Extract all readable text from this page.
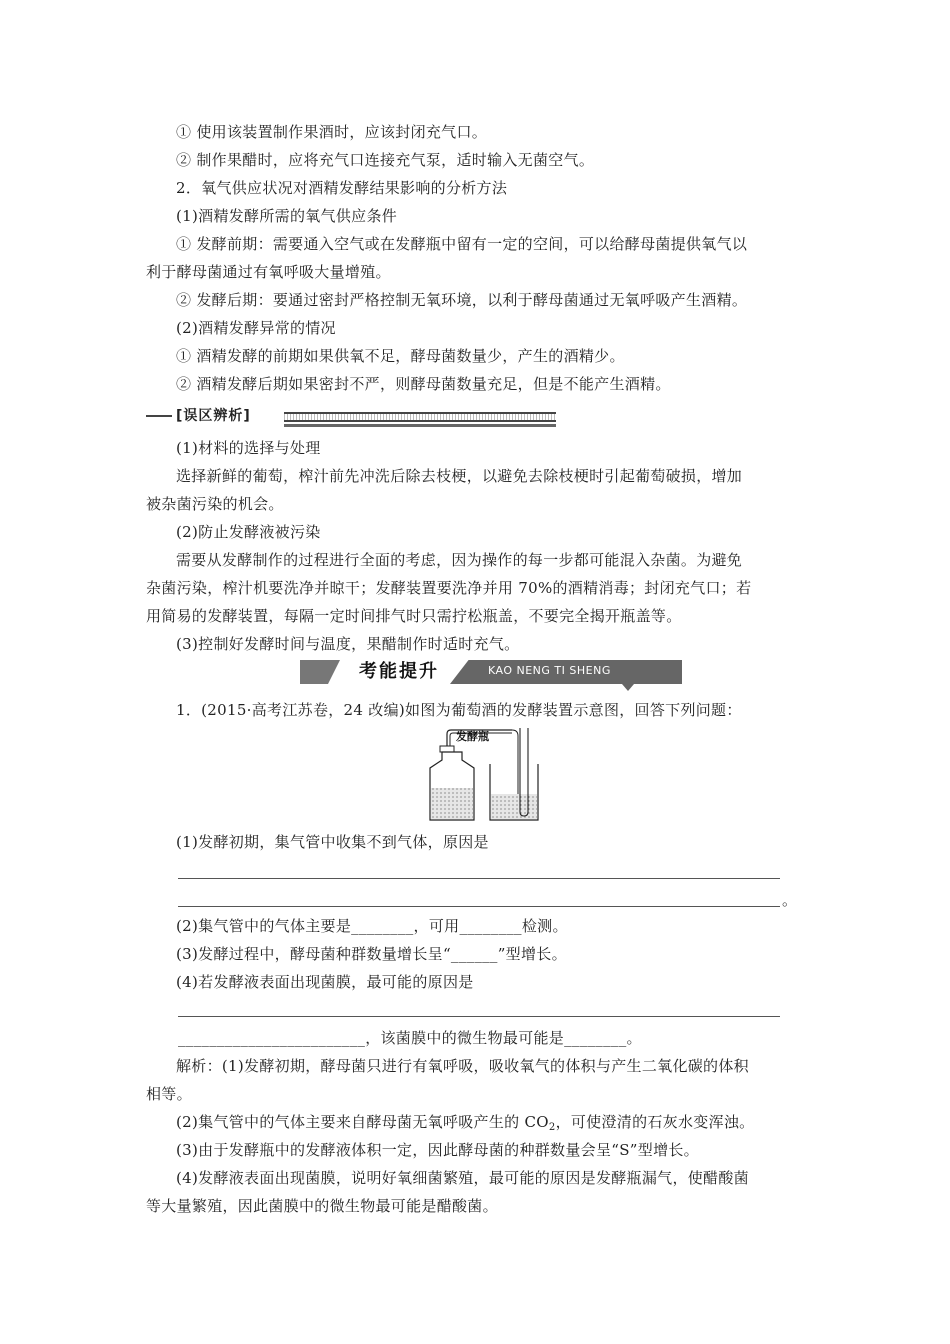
① 使用该装置制作果酒时，应该封闭充气口。
② 制作果醋时，应将充气口连接充气泵，适时输入无菌空气。
2．氧气供应状况对酒精发酵结果影响的分析方法
(1)酒精发酵所需的氧气供应条件
① 发酵前期：需要通入空气或在发酵瓶中留有一定的空间，可以给酵母菌提供氧气以
利于酵母菌通过有氧呼吸大量增殖。
② 发酵后期：要通过密封严格控制无氧环境，以利于酵母菌通过无氧呼吸产生酒精。
(2)酒精发酵异常的情况
① 酒精发酵的前期如果供氧不足，酵母菌数量少，产生的酒精少。
② 酒精发酵后期如果密封不严，则酵母菌数量充足，但是不能产生酒精。
[误区辨析]
(1)材料的选择与处理
选择新鲜的葡萄，榨汁前先冲洗后除去枝梗，以避免去除枝梗时引起葡萄破损，增加
被杂菌污染的机会。
(2)防止发酵液被污染
需要从发酵制作的过程进行全面的考虑，因为操作的每一步都可能混入杂菌。为避免
杂菌污染，榨汁机要洗净并晾干；发酵装置要洗净并用 70%的酒精消毒；封闭充气口；若
用简易的发酵装置，每隔一定时间排气时只需拧松瓶盖，不要完全揭开瓶盖等。
(3)控制好发酵时间与温度，果醋制作时适时充气。
考能提升	KAO NENG TI SHENG
1．(2015·高考江苏卷，24 改编)如图为葡萄酒的发酵装置示意图，回答下列问题：
发酵瓶
(1)发酵初期，集气管中收集不到气体，原因是
。
(2)集气管中的气体主要是________，可用________检测。
(3)发酵过程中，酵母菌种群数量增长呈“______”型增长。
(4)若发酵液表面出现菌膜，最可能的原因是
________________________，该菌膜中的微生物最可能是________。
解析：(1)发酵初期，酵母菌只进行有氧呼吸，吸收氧气的体积与产生二氧化碳的体积
相等。
(2)集气管中的气体主要来自酵母菌无氧呼吸产生的 $CO_2$，可使澄清的石灰水变浑浊。
(3)由于发酵瓶中的发酵液体积一定，因此酵母菌的种群数量会呈“S”型增长。
(4)发酵液表面出现菌膜，说明好氧细菌繁殖，最可能的原因是发酵瓶漏气，使醋酸菌
等大量繁殖，因此菌膜中的微生物最可能是醋酸菌。
